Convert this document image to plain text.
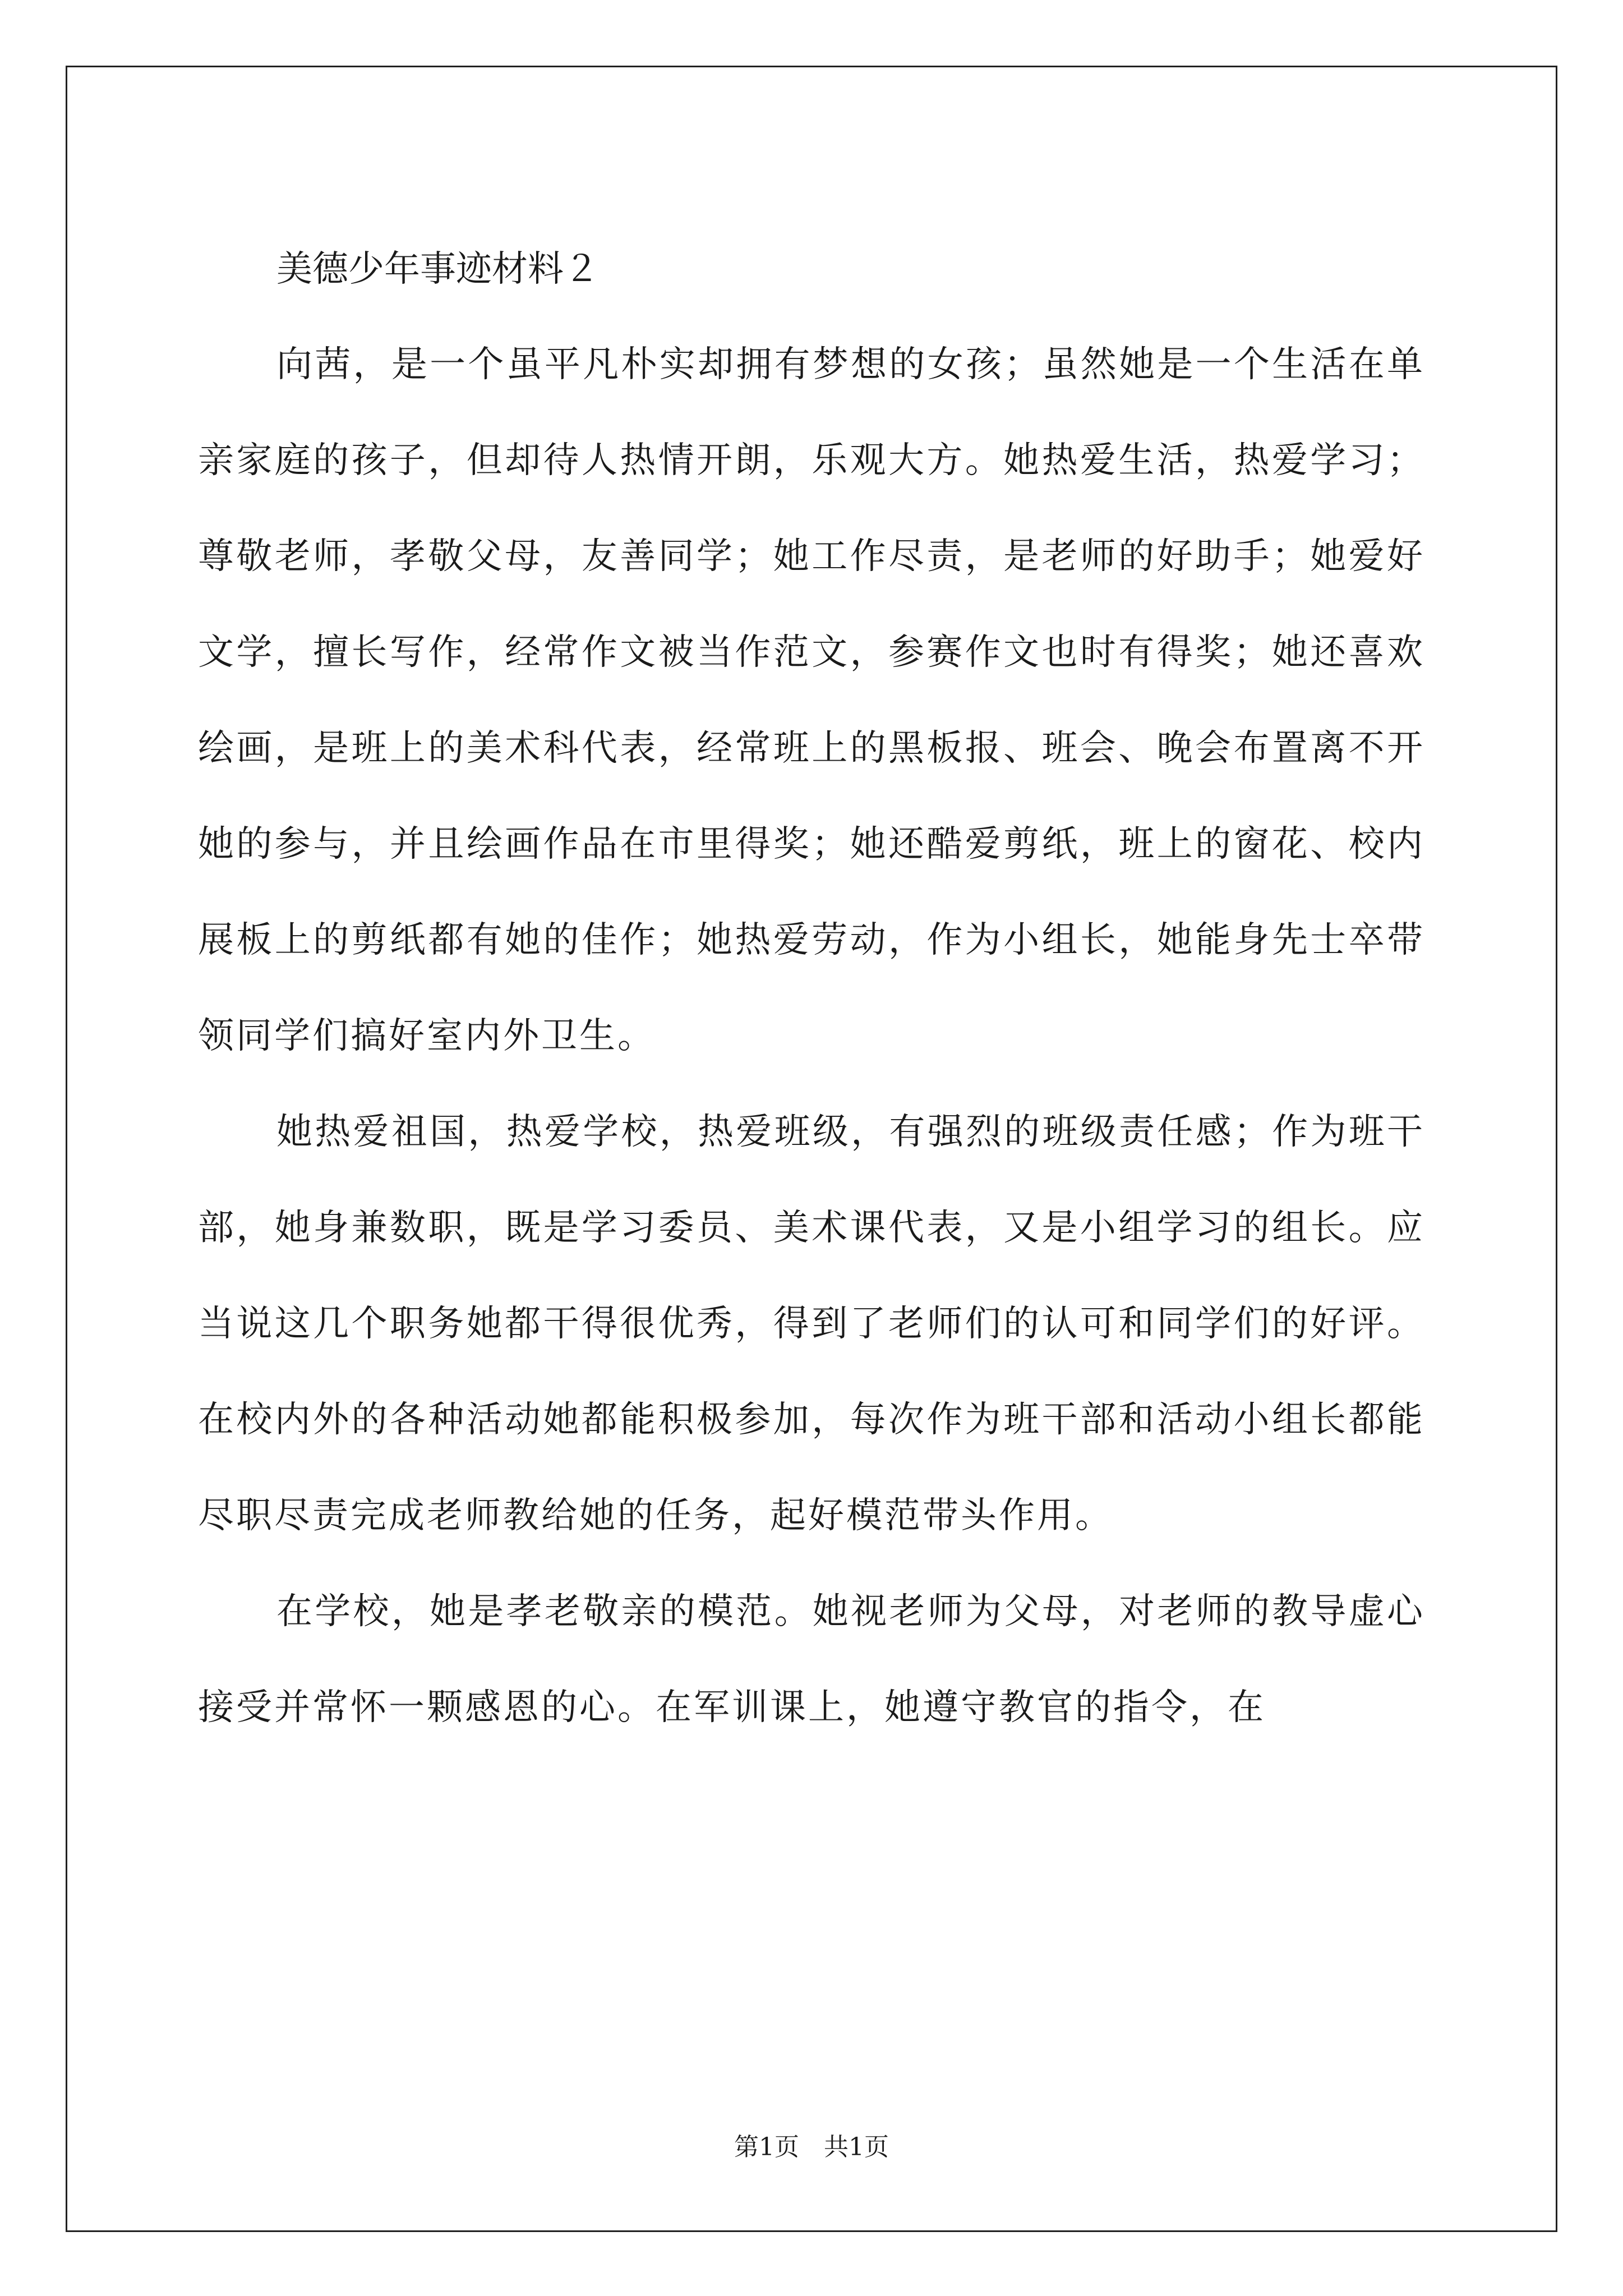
美德少年事迹材料２

向茜，是一个虽平凡朴实却拥有梦想的女孩；虽然她是一个生活在单亲家庭的孩子，但却待人热情开朗，乐观大方。她热爱生活，热爱学习；尊敬老师，孝敬父母，友善同学；她工作尽责，是老师的好助手；她爱好文学，擅长写作，经常作文被当作范文，参赛作文也时有得奖；她还喜欢绘画，是班上的美术科代表，经常班上的黑板报、班会、晚会布置离不开她的参与，并且绘画作品在市里得奖；她还酷爱剪纸，班上的窗花、校内展板上的剪纸都有她的佳作；她热爱劳动，作为小组长，她能身先士卒带领同学们搞好室内外卫生。

她热爱祖国，热爱学校，热爱班级，有强烈的班级责任感；作为班干部，她身兼数职，既是学习委员、美术课代表，又是小组学习的组长。应当说这几个职务她都干得很优秀，得到了老师们的认可和同学们的好评。在校内外的各种活动她都能积极参加，每次作为班干部和活动小组长都能尽职尽责完成老师教给她的任务，起好模范带头作用。

在学校，她是孝老敬亲的模范。她视老师为父母，对老师的教导虚心接受并常怀一颗感恩的心。在军训课上，她遵守教官的指令，在

第1页　共1页
